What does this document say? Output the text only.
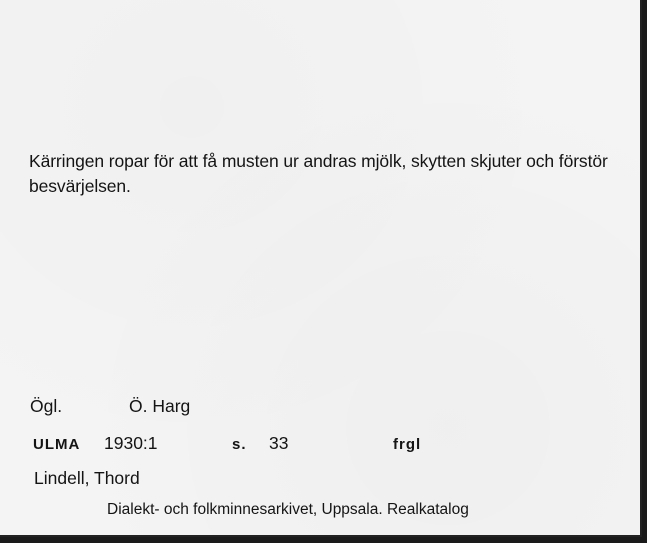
Kärringen ropar för att få musten ur andras mjölk, skytten skjuter och förstör besvärjelsen.

Ögl.	Ö. Harg
ULMA 1930:1	s. 33	frgl
Lindell, Thord
Dialekt- och folkminnesarkivet, Uppsala. Realkatalog
